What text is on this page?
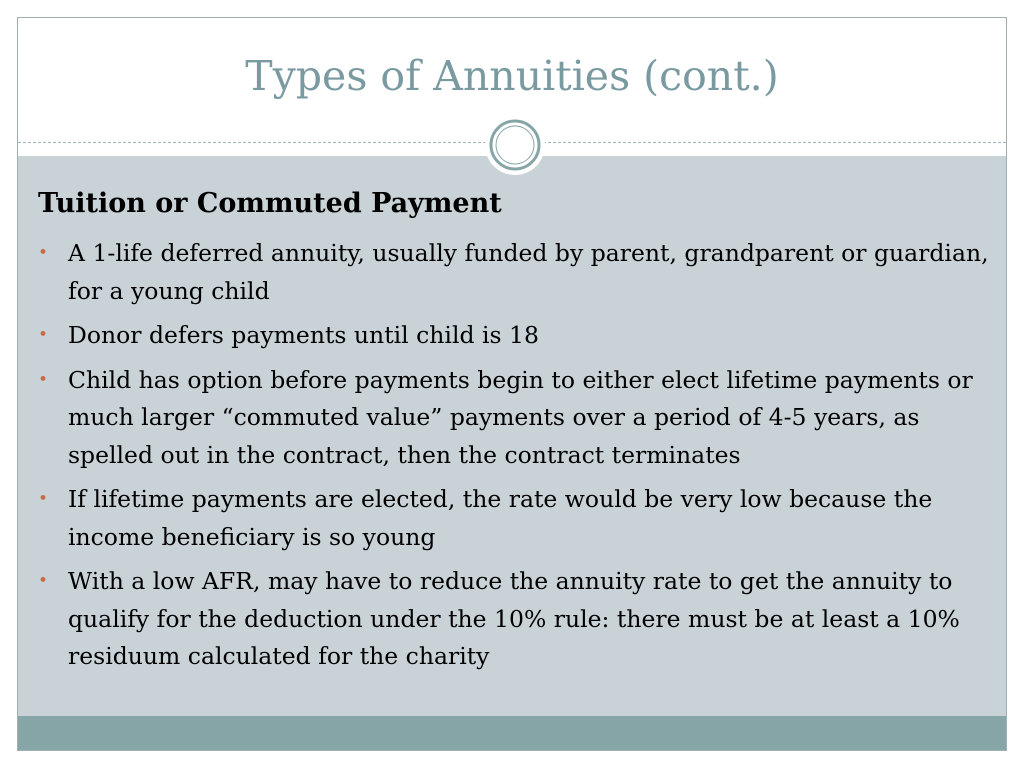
Types of Annuities (cont.)
Tuition or Commuted Payment
• A 1-life deferred annuity, usually funded by parent, grandparent or guardian, for a young child
• Donor defers payments until child is 18
• Child has option before payments begin to either elect lifetime payments or much larger “commuted value” payments over a period of 4-5 years, as spelled out in the contract, then the contract terminates
• If lifetime payments are elected, the rate would be very low because the income beneficiary is so young
• With a low AFR, may have to reduce the annuity rate to get the annuity to qualify for the deduction under the 10% rule: there must be at least a 10% residuum calculated for the charity
